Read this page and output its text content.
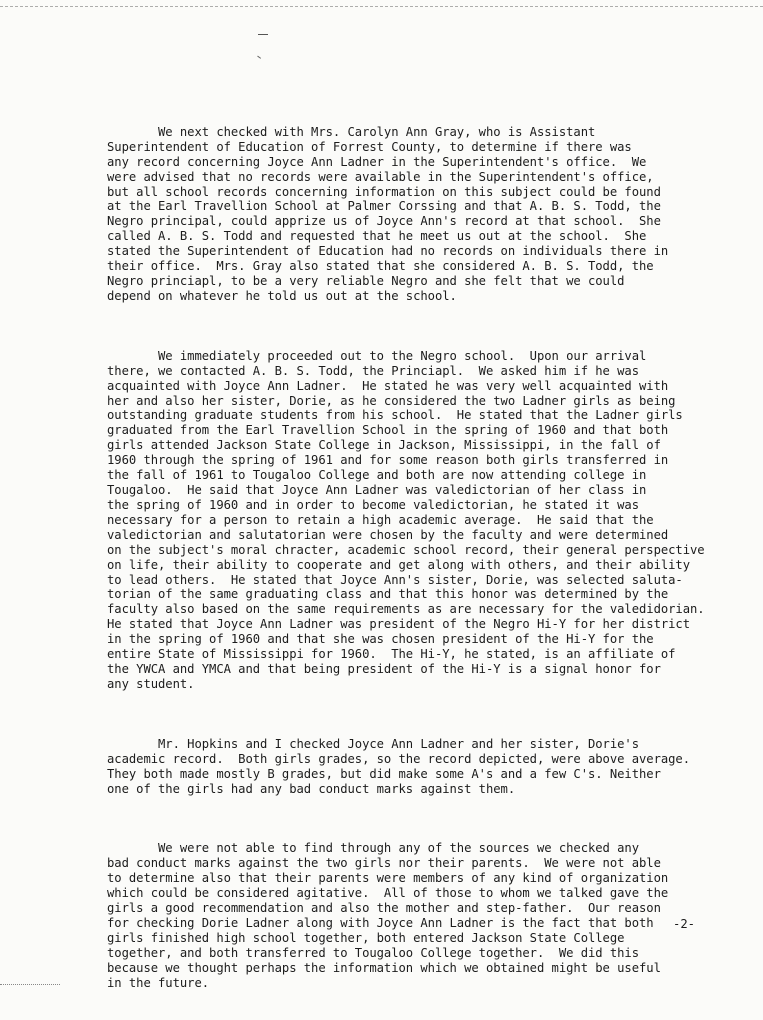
We next checked with Mrs. Carolyn Ann Gray, who is Assistant
Superintendent of Education of Forrest County, to determine if there was
any record concerning Joyce Ann Ladner in the Superintendent's office.  We
were advised that no records were available in the Superintendent's office,
but all school records concerning information on this subject could be found
at the Earl Travellion School at Palmer Corssing and that A. B. S. Todd, the
Negro principal, could apprize us of Joyce Ann's record at that school.  She
called A. B. S. Todd and requested that he meet us out at the school.  She
stated the Superintendent of Education had no records on individuals there in
their office.  Mrs. Gray also stated that she considered A. B. S. Todd, the
Negro princiapl, to be a very reliable Negro and she felt that we could
depend on whatever he told us out at the school.

We immediately proceeded out to the Negro school.  Upon our arrival
there, we contacted A. B. S. Todd, the Princiapl.  We asked him if he was
acquainted with Joyce Ann Ladner.  He stated he was very well acquainted with
her and also her sister, Dorie, as he considered the two Ladner girls as being
outstanding graduate students from his school.  He stated that the Ladner girls
graduated from the Earl Travellion School in the spring of 1960 and that both
girls attended Jackson State College in Jackson, Mississippi, in the fall of
1960 through the spring of 1961 and for some reason both girls transferred in
the fall of 1961 to Tougaloo College and both are now attending college in
Tougaloo.  He said that Joyce Ann Ladner was valedictorian of her class in
the spring of 1960 and in order to become valedictorian, he stated it was
necessary for a person to retain a high academic average.  He said that the
valedictorian and salutatorian were chosen by the faculty and were determined
on the subject's moral chracter, academic school record, their general perspective
on life, their ability to cooperate and get along with others, and their ability
to lead others.  He stated that Joyce Ann's sister, Dorie, was selected saluta-
torian of the same graduating class and that this honor was determined by the
faculty also based on the same requirements as are necessary for the valedidorian.
He stated that Joyce Ann Ladner was president of the Negro Hi-Y for her district
in the spring of 1960 and that she was chosen president of the Hi-Y for the
entire State of Mississippi for 1960.  The Hi-Y, he stated, is an affiliate of
the YWCA and YMCA and that being president of the Hi-Y is a signal honor for
any student.

Mr. Hopkins and I checked Joyce Ann Ladner and her sister, Dorie's
academic record.  Both girls grades, so the record depicted, were above average.
They both made mostly B grades, but did make some A's and a few C's. Neither
one of the girls had any bad conduct marks against them.

We were not able to find through any of the sources we checked any
bad conduct marks against the two girls nor their parents.  We were not able
to determine also that their parents were members of any kind of organization
which could be considered agitative.  All of those to whom we talked gave the
girls a good recommendation and also the mother and step-father.  Our reason
for checking Dorie Ladner along with Joyce Ann Ladner is the fact that both
girls finished high school together, both entered Jackson State College
together, and both transferred to Tougaloo College together.  We did this
because we thought perhaps the information which we obtained might be useful
in the future.

-2-
